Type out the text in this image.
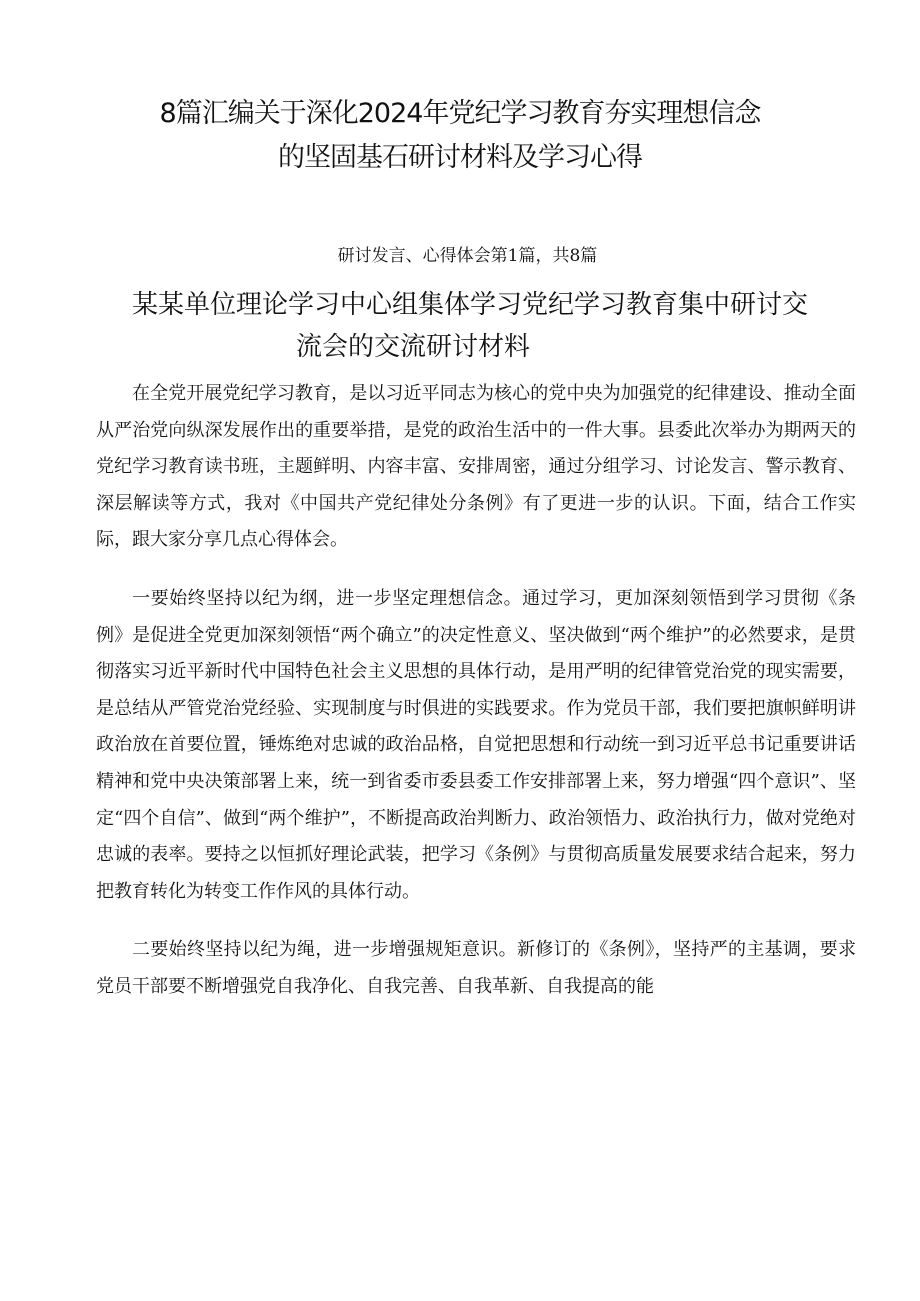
8篇汇编关于深化2024年党纪学习教育夯实理想信念
的坚固基石研讨材料及学习心得
研讨发言、心得体会第1篇，共8篇
某某单位理论学习中心组集体学习党纪学习教育集中研讨交
流会的交流研讨材料

在全党开展党纪学习教育，是以习近平同志为核心的党中央为加强党的纪律建设、推动全面从严治党向纵深发展作出的重要举措，是党的政治生活中的一件大事。县委此次举办为期两天的党纪学习教育读书班，主题鲜明、内容丰富、安排周密，通过分组学习、讨论发言、警示教育、深层解读等方式，我对《中国共产党纪律处分条例》有了更进一步的认识。下面，结合工作实际，跟大家分享几点心得体会。

一要始终坚持以纪为纲，进一步坚定理想信念。通过学习，更加深刻领悟到学习贯彻《条例》是促进全党更加深刻领悟“两个确立”的决定性意义、坚决做到“两个维护”的必然要求，是贯彻落实习近平新时代中国特色社会主义思想的具体行动，是用严明的纪律管党治党的现实需要，是总结从严管党治党经验、实现制度与时俱进的实践要求。作为党员干部，我们要把旗帜鲜明讲政治放在首要位置，锤炼绝对忠诚的政治品格，自觉把思想和行动统一到习近平总书记重要讲话精神和党中央决策部署上来，统一到省委市委县委工作安排部署上来，努力增强“四个意识”、坚定“四个自信”、做到“两个维护”，不断提高政治判断力、政治领悟力、政治执行力，做对党绝对忠诚的表率。要持之以恒抓好理论武装，把学习《条例》与贯彻高质量发展要求结合起来，努力把教育转化为转变工作作风的具体行动。

二要始终坚持以纪为绳，进一步增强规矩意识。新修订的《条例》，坚持严的主基调，要求党员干部要不断增强党自我净化、自我完善、自我革新、自我提高的能
